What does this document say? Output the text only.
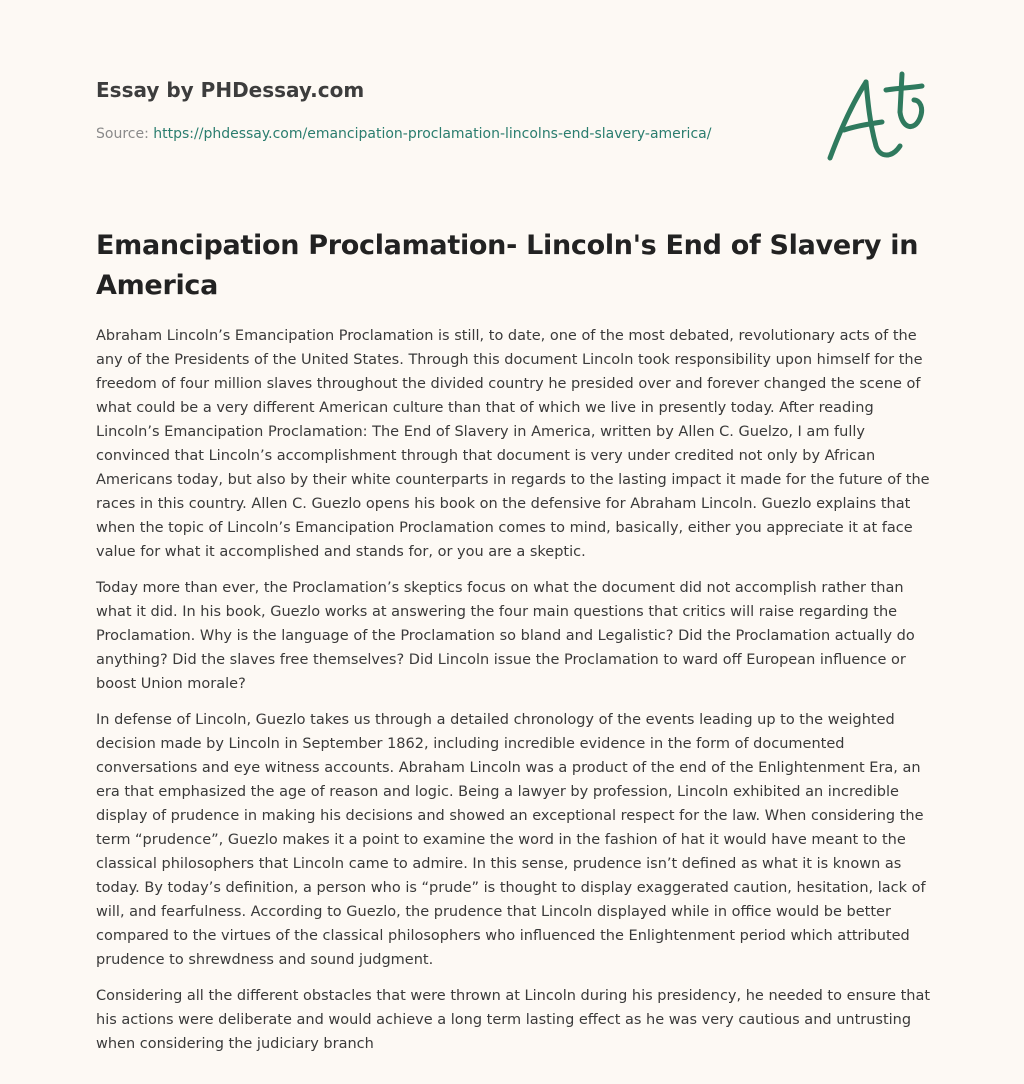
Essay by PHDessay.com
Source: https://phdessay.com/emancipation-proclamation-lincolns-end-slavery-america/
Emancipation Proclamation- Lincoln's End of Slavery in America

Abraham Lincoln’s Emancipation Proclamation is still, to date, one of the most debated, revolutionary acts of the any of the Presidents of the United States. Through this document Lincoln took responsibility upon himself for the freedom of four million slaves throughout the divided country he presided over and forever changed the scene of what could be a very different American culture than that of which we live in presently today. After reading Lincoln’s Emancipation Proclamation: The End of Slavery in America, written by Allen C. Guelzo, I am fully convinced that Lincoln’s accomplishment through that document is very under credited not only by African Americans today, but also by their white counterparts in regards to the lasting impact it made for the future of the races in this country. Allen C. Guezlo opens his book on the defensive for Abraham Lincoln. Guezlo explains that when the topic of Lincoln’s Emancipation Proclamation comes to mind, basically, either you appreciate it at face value for what it accomplished and stands for, or you are a skeptic.

Today more than ever, the Proclamation’s skeptics focus on what the document did not accomplish rather than what it did. In his book, Guezlo works at answering the four main questions that critics will raise regarding the Proclamation. Why is the language of the Proclamation so bland and Legalistic? Did the Proclamation actually do anything? Did the slaves free themselves? Did Lincoln issue the Proclamation to ward off European influence or boost Union morale?

In defense of Lincoln, Guezlo takes us through a detailed chronology of the events leading up to the weighted decision made by Lincoln in September 1862, including incredible evidence in the form of documented conversations and eye witness accounts. Abraham Lincoln was a product of the end of the Enlightenment Era, an era that emphasized the age of reason and logic. Being a lawyer by profession, Lincoln exhibited an incredible display of prudence in making his decisions and showed an exceptional respect for the law. When considering the term “prudence”, Guezlo makes it a point to examine the word in the fashion of hat it would have meant to the classical philosophers that Lincoln came to admire. In this sense, prudence isn’t defined as what it is known as today. By today’s definition, a person who is “prude” is thought to display exaggerated caution, hesitation, lack of will, and fearfulness. According to Guezlo, the prudence that Lincoln displayed while in office would be better compared to the virtues of the classical philosophers who influenced the Enlightenment period which attributed prudence to shrewdness and sound judgment.

Considering all the different obstacles that were thrown at Lincoln during his presidency, he needed to ensure that his actions were deliberate and would achieve a long term lasting effect as he was very cautious and untrusting when considering the judiciary branch
